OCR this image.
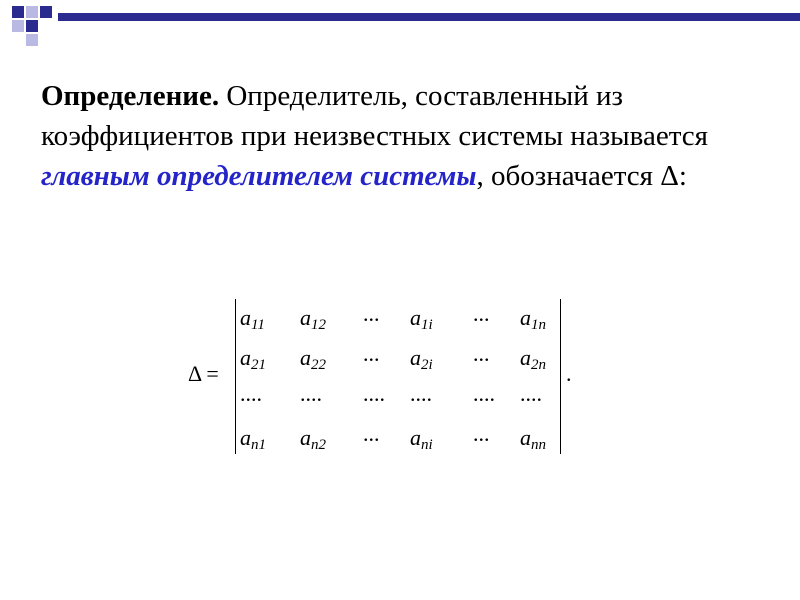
Определение. Определитель, составленный из коэффициентов при неизвестных системы называется главным определителем системы, обозначается Δ:
Δ =
$a_{11}$ $a_{12}$ ... $a_{1i}$ ... $a_{1n}$
$a_{21}$ $a_{22}$ ... $a_{2i}$ ... $a_{2n}$
.... .... .... .... .... ....
$a_{n1}$ $a_{n2}$ ... $a_{ni}$ ... $a_{nn}$
.
